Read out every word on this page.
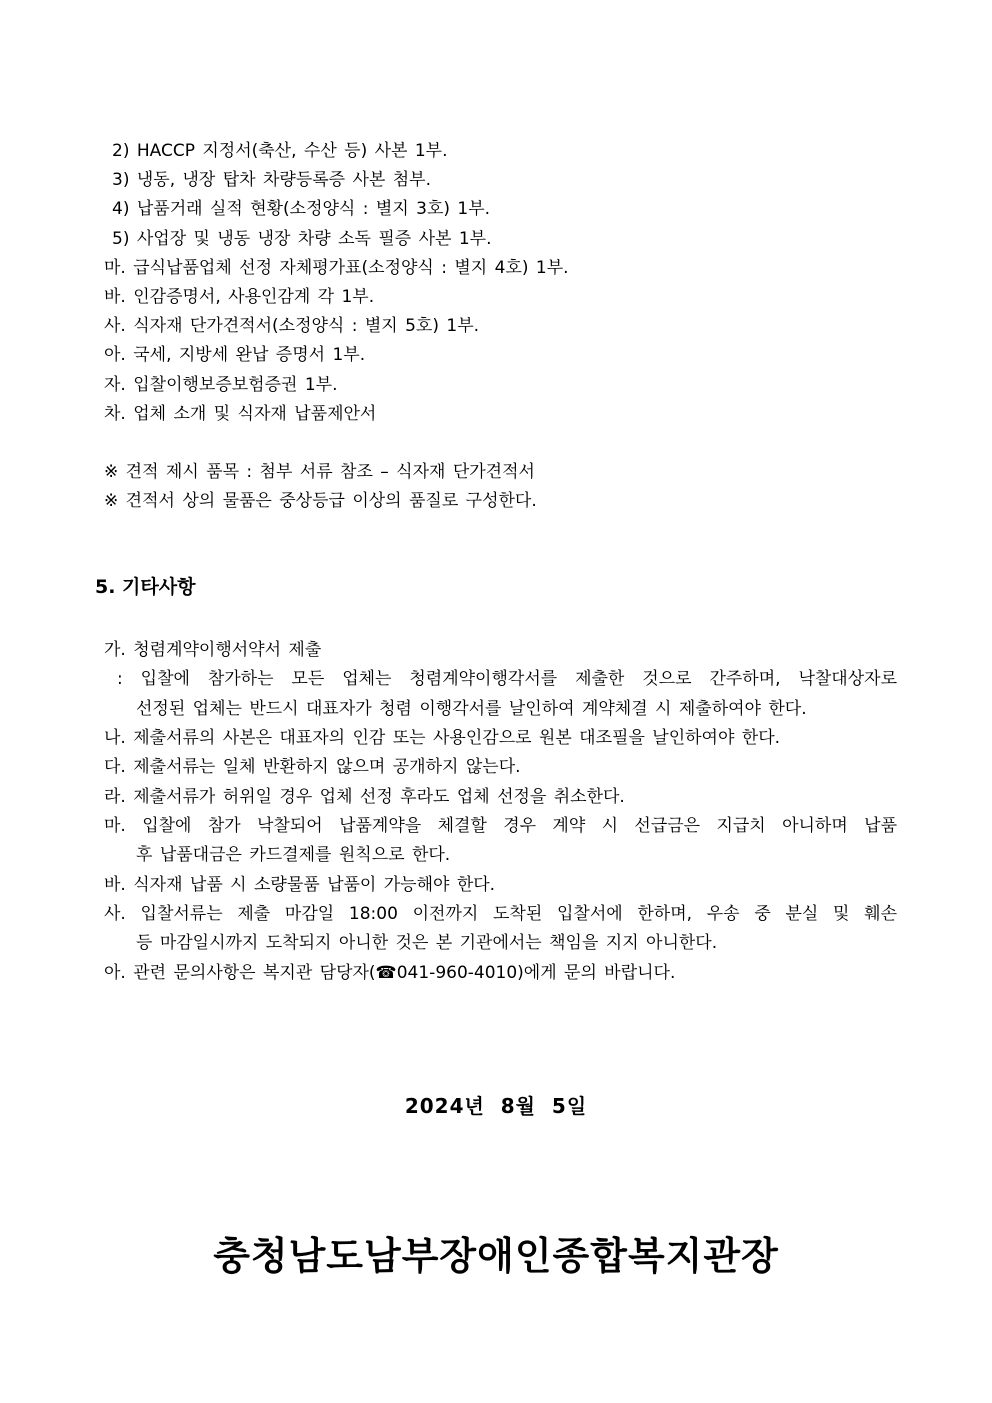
2) HACCP 지정서(축산, 수산 등) 사본 1부.
3) 냉동, 냉장 탑차 차량등록증 사본 첨부.
4) 납품거래 실적 현황(소정양식 : 별지 3호) 1부.
5) 사업장 및 냉동 냉장 차량 소독 필증 사본 1부.
마. 급식납품업체 선정 자체평가표(소정양식 : 별지 4호) 1부.
바. 인감증명서, 사용인감계 각 1부.
사. 식자재 단가견적서(소정양식 : 별지 5호) 1부.
아. 국세, 지방세 완납 증명서 1부.
자. 입찰이행보증보험증권 1부.
차. 업체 소개 및 식자재 납품제안서
※ 견적 제시 품목 : 첨부 서류 참조 – 식자재 단가견적서
※ 견적서 상의 물품은 중상등급 이상의 품질로 구성한다.
5. 기타사항
가. 청렴계약이행서약서 제출
: 입찰에 참가하는 모든 업체는 청렴계약이행각서를 제출한 것으로 간주하며, 낙찰대상자로
선정된 업체는 반드시 대표자가 청렴 이행각서를 날인하여 계약체결 시 제출하여야 한다.
나. 제출서류의 사본은 대표자의 인감 또는 사용인감으로 원본 대조필을 날인하여야 한다.
다. 제출서류는 일체 반환하지 않으며 공개하지 않는다.
라. 제출서류가 허위일 경우 업체 선정 후라도 업체 선정을 취소한다.
마. 입찰에 참가 낙찰되어 납품계약을 체결할 경우 계약 시 선급금은 지급치 아니하며 납품
후 납품대금은 카드결제를 원칙으로 한다.
바. 식자재 납품 시 소량물품 납품이 가능해야 한다.
사. 입찰서류는 제출 마감일 18:00 이전까지 도착된 입찰서에 한하며, 우송 중 분실 및 훼손
등 마감일시까지 도착되지 아니한 것은 본 기관에서는 책임을 지지 아니한다.
아. 관련 문의사항은 복지관 담당자(☎041-960-4010)에게 문의 바랍니다.
2024년  8월  5일
충청남도남부장애인종합복지관장
